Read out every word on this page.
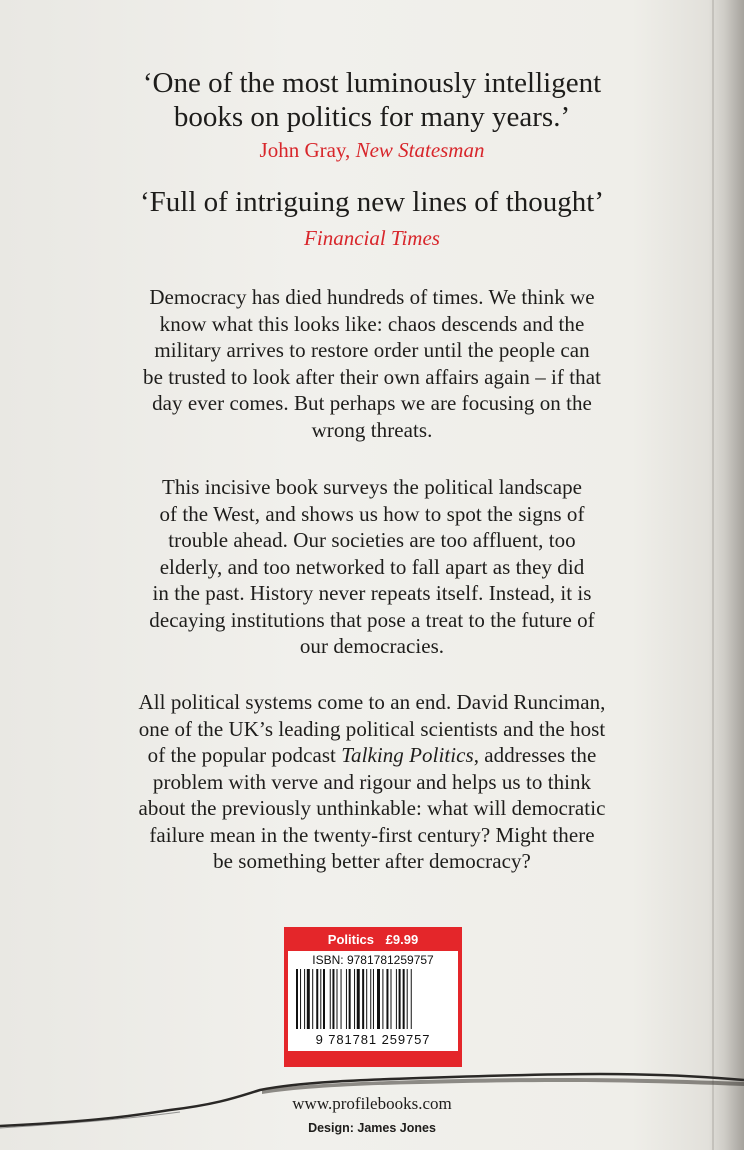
‘One of the most luminously intelligent
books on politics for many years.’
John Gray, New Statesman
‘Full of intriguing new lines of thought’
Financial Times
Democracy has died hundreds of times. We think we
know what this looks like: chaos descends and the
military arrives to restore order until the people can
be trusted to look after their own affairs again – if that
day ever comes. But perhaps we are focusing on the
wrong threats.
This incisive book surveys the political landscape
of the West, and shows us how to spot the signs of
trouble ahead. Our societies are too affluent, too
elderly, and too networked to fall apart as they did
in the past. History never repeats itself. Instead, it is
decaying institutions that pose a treat to the future of
our democracies.
All political systems come to an end. David Runciman,
one of the UK’s leading political scientists and the host
of the popular podcast Talking Politics, addresses the
problem with verve and rigour and helps us to think
about the previously unthinkable: what will democratic
failure mean in the twenty-first century? Might there
be something better after democracy?
Politics £9.99
ISBN: 9781781259757
9 781781 259757
www.profilebooks.com
Design: James Jones
